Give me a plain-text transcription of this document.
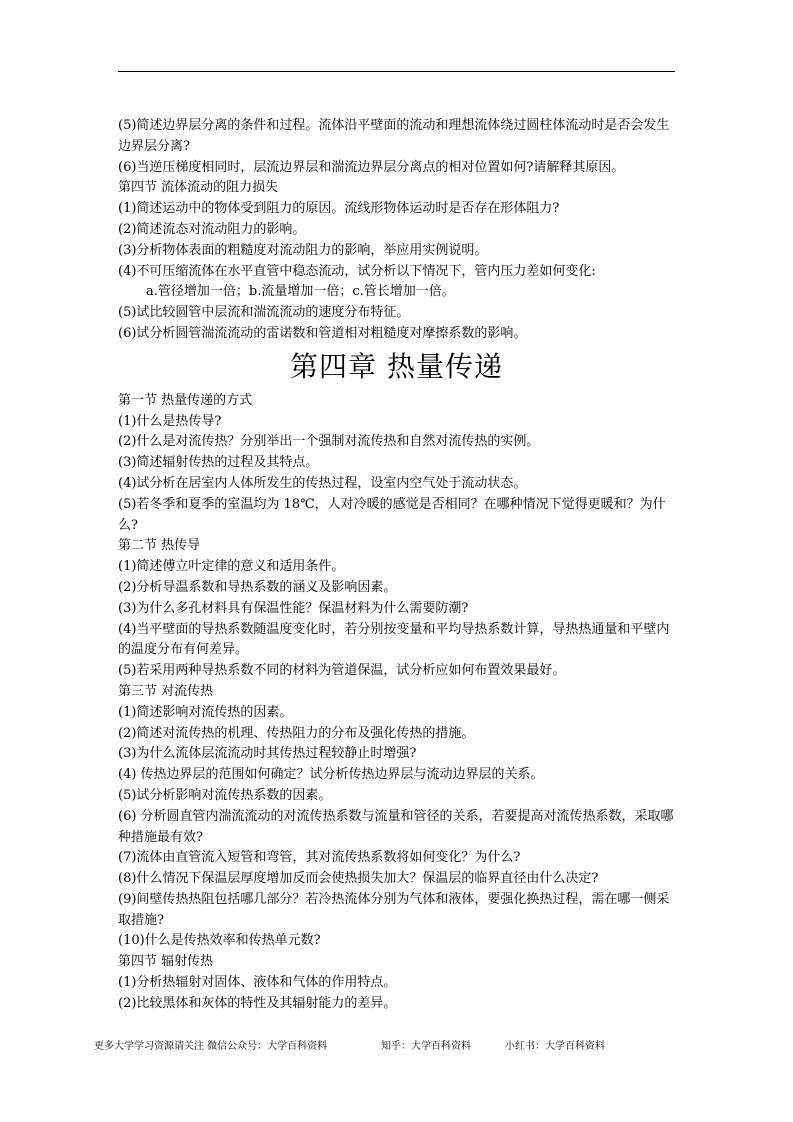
(5)简述边界层分离的条件和过程。流体沿平壁面的流动和理想流体绕过圆柱体流动时是否会发生边界层分离?

(6)当逆压梯度相同时，层流边界层和湍流边界层分离点的相对位置如何?请解释其原因。

第四节 流体流动的阻力损失

(1)简述运动中的物体受到阻力的原因。流线形物体运动时是否存在形体阻力?

(2)简述流态对流动阻力的影响。

(3)分析物体表面的粗糙度对流动阻力的影响，举应用实例说明。

(4)不可压缩流体在水平直管中稳态流动，试分析以下情况下，管内压力差如何变化:

a.管径增加一倍；b.流量增加一倍；c.管长增加一倍。

(5)试比较圆管中层流和湍流流动的速度分布特征。

(6)试分析圆管湍流流动的雷诺数和管道相对粗糙度对摩擦系数的影响。

第四章 热量传递

第一节 热量传递的方式

(1)什么是热传导?

(2)什么是对流传热？分别举出一个强制对流传热和自然对流传热的实例。

(3)简述辐射传热的过程及其特点。

(4)试分析在居室内人体所发生的传热过程，设室内空气处于流动状态。

(5)若冬季和夏季的室温均为 18℃，人对冷暖的感觉是否相同？在哪种情况下觉得更暖和？为什么?

第二节 热传导

(1)简述傅立叶定律的意义和适用条件。

(2)分析导温系数和导热系数的涵义及影响因素。

(3)为什么多孔材料具有保温性能？保温材料为什么需要防潮?

(4)当平壁面的导热系数随温度变化时，若分别按变量和平均导热系数计算，导热热通量和平壁内的温度分布有何差异。

(5)若采用两种导热系数不同的材料为管道保温，试分析应如何布置效果最好。

第三节 对流传热

(1)简述影响对流传热的因素。

(2)简述对流传热的机理、传热阻力的分布及强化传热的措施。

(3)为什么流体层流流动时其传热过程较静止时增强?

(4) 传热边界层的范围如何确定？试分析传热边界层与流动边界层的关系。

(5)试分析影响对流传热系数的因素。

(6) 分析圆直管内湍流流动的对流传热系数与流量和管径的关系，若要提高对流传热系数，采取哪种措施最有效?

(7)流体由直管流入短管和弯管，其对流传热系数将如何变化？为什么?

(8)什么情况下保温层厚度增加反而会使热损失加大？保温层的临界直径由什么决定?

(9)间壁传热热阻包括哪几部分？若冷热流体分别为气体和液体，要强化换热过程，需在哪一侧采取措施?

(10)什么是传热效率和传热单元数?

第四节 辐射传热

(1)分析热辐射对固体、液体和气体的作用特点。

(2)比较黑体和灰体的特性及其辐射能力的差异。

更多大学学习资源请关注 微信公众号：大学百科资料	知乎：大学百科资料	小红书：大学百科资料
